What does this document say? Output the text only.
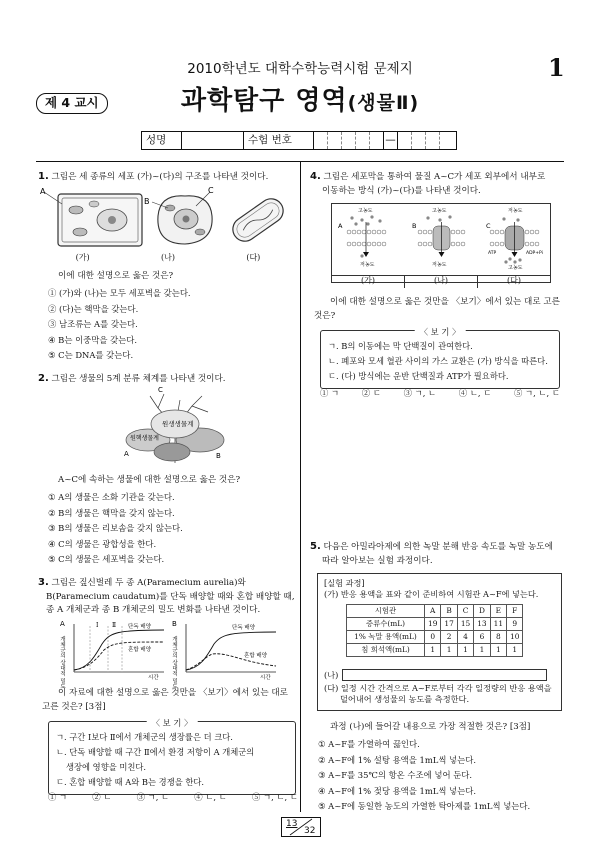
2010학년도 대학수학능력시험 문제지	1
제 4 교시	과학탐구 영역(생물Ⅱ)
성명	수험 번호	—
1. 그림은 세 종류의 세포 (가)~(다)의 구조를 나타낸 것이다.
A
B
C
(가)	(나)	(다)
이에 대한 설명으로 옳은 것은?
① (가)와 (나)는 모두 세포벽을 갖는다.
② (다)는 핵막을 갖는다.
③ 남조류는 A를 갖는다.
④ B는 이중막을 갖는다.
⑤ C는 DNA를 갖는다.
2. 그림은 생물의 5계 분류 체계를 나타낸 것이다.
C
원생생물계
원핵생물계
A	B
A~C에 속하는 생물에 대한 설명으로 옳은 것은?
① A의 생물은 소화 기관을 갖는다.
② B의 생물은 핵막을 갖지 않는다.
③ B의 생물은 리보솜을 갖지 않는다.
④ C의 생물은 광합성을 한다.
⑤ C의 생물은 세포벽을 갖는다.
3. 그림은 짚신벌레 두 종 A(Paramecium aurelia)와
B(Paramecium caudatum)를 단독 배양할 때와 혼합 배양할 때,
종 A 개체군과 종 B 개체군의 밀도 변화를 나타낸 것이다.
A
개체군의 상대적 밀도
Ⅰ Ⅱ 단독 배양
혼합 배양
시간
B
개체군의 상대적 밀도
단독 배양
혼합 배양
시간
이 자료에 대한 설명으로 옳은 것만을 〈보기〉에서 있는 대로
고른 것은? [3점]
〈 보 기 〉
ㄱ. 구간 Ⅰ보다 Ⅱ에서 개체군의 생장률은 더 크다.
ㄴ. 단독 배양할 때 구간 Ⅱ에서 환경 저항이 A 개체군의
생장에 영향을 미친다.
ㄷ. 혼합 배양할 때 A와 B는 경쟁을 한다.
① ㄱ	② ㄴ	③ ㄱ, ㄷ	④ ㄴ, ㄷ	⑤ ㄱ, ㄴ, ㄷ
4. 그림은 세포막을 통하여 물질 A~C가 세포 외부에서 내부로
이동하는 방식 (가)~(다)를 나타낸 것이다.
고농도
A
저농도
고농도
B
저농도
저농도
C
ATP	ADP+Pi
고농도
(가)	(나)	(다)
이에 대한 설명으로 옳은 것만을 〈보기〉에서 있는 대로 고른
것은?
〈 보 기 〉
ㄱ. B의 이동에는 막 단백질이 관여한다.
ㄴ. 폐포와 모세 혈관 사이의 가스 교환은 (가) 방식을 따른다.
ㄷ. (다) 방식에는 운반 단백질과 ATP가 필요하다.
① ㄱ	② ㄷ	③ ㄱ, ㄴ	④ ㄴ, ㄷ	⑤ ㄱ, ㄴ, ㄷ
5. 다음은 아밀라아제에 의한 녹말 분해 반응 속도를 녹말 농도에
따라 알아보는 실험 과정이다.
[실험 과정]
(가) 반응 용액을 표와 같이 준비하여 시험관 A~F에 넣는다.
시험관	A	B	C	D	E	F
증류수(mL)	19	17	15	13	11	9
1% 녹말 용액(mL)	0	2	4	6	8	10
침 희석액(mL)	1	1	1	1	1	1
(나)
(다) 일정 시간 간격으로 A~F로부터 각각 일정량의 반응 용액을
덜어내어 생성물의 농도를 측정한다.
과정 (나)에 들어갈 내용으로 가장 적절한 것은? [3점]
① A~F를 가열하여 끓인다.
② A~F에 1% 설탕 용액을 1mL씩 넣는다.
③ A~F를 35℃의 항온 수조에 넣어 둔다.
④ A~F에 1% 젖당 용액을 1mL씩 넣는다.
⑤ A~F에 동일한 농도의 가열한 탁아제를 1mL씩 넣는다.
13
32
